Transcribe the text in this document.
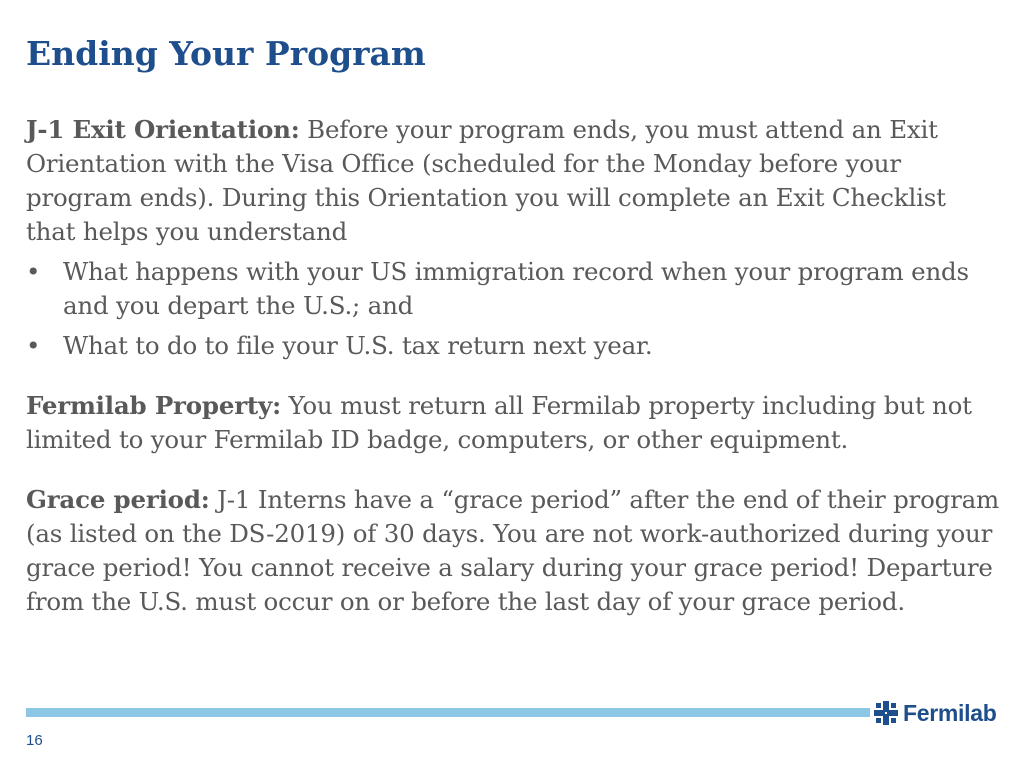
Ending Your Program

J-1 Exit Orientation: Before your program ends, you must attend an Exit Orientation with the Visa Office (scheduled for the Monday before your program ends). During this Orientation you will complete an Exit Checklist that helps you understand

• What happens with your US immigration record when your program ends and you depart the U.S.; and
• What to do to file your U.S. tax return next year.

Fermilab Property: You must return all Fermilab property including but not limited to your Fermilab ID badge, computers, or other equipment.

Grace period: J-1 Interns have a “grace period” after the end of their program (as listed on the DS-2019) of 30 days. You are not work-authorized during your grace period! You cannot receive a salary during your grace period! Departure from the U.S. must occur on or before the last day of your grace period.

Fermilab
16
